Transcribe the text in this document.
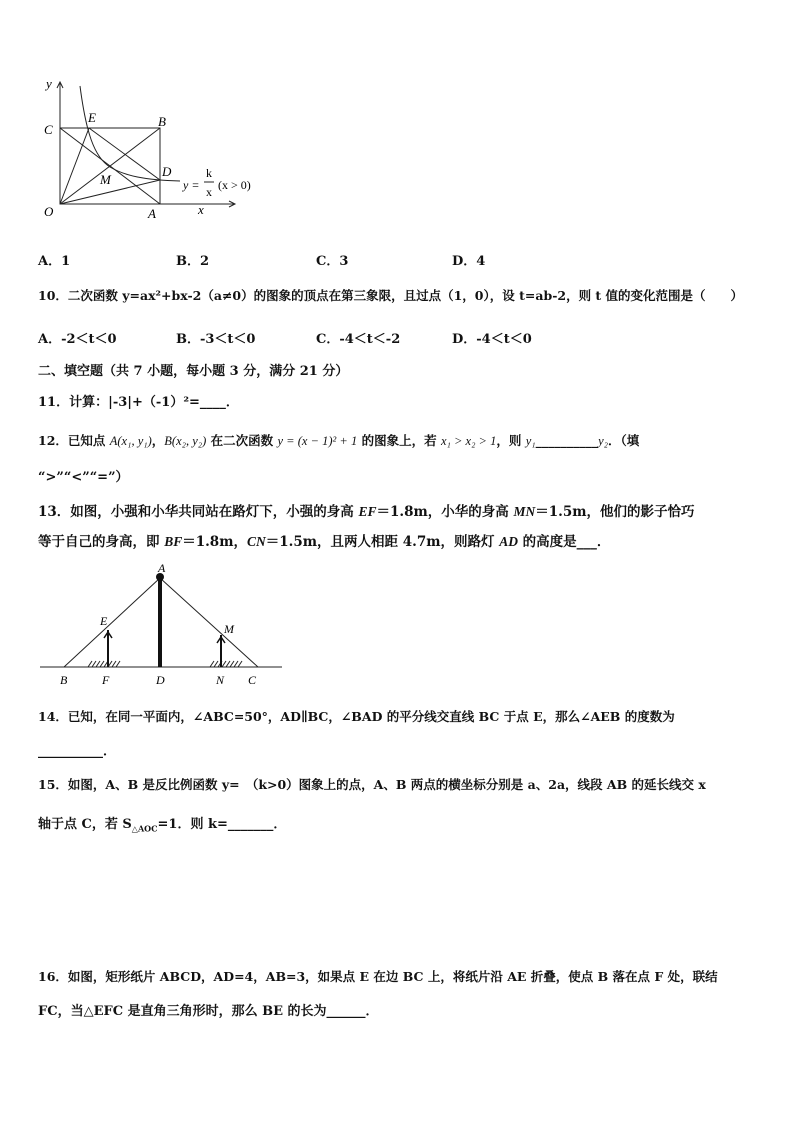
y
x
O	A
B
C
D
E
M	y =
k
x (x > 0)
A．1	B．2	C．3	D．4
10．二次函数 y=ax²+bx-2（a≠0）的图象的顶点在第三象限，且过点（1，0），设 t=ab-2，则 t 值的变化范围是（　　）
A．-2＜t＜0	B．-3＜t＜0	C．-4＜t＜-2	D．-4＜t＜0
二、填空题（共 7 小题，每小题 3 分，满分 21 分）
11．计算：|-3|+（-1）²=____．
12．已知点 A(x₁, y₁)，B(x₂, y₂) 在二次函数 y = (x − 1)² + 1 的图象上，若 x₁ > x₂ > 1，则 y₁__________y₂．（填
“>”“<”“=”）
13．如图，小强和小华共同站在路灯下，小强的身高 EF＝1.8m，小华的身高 MN＝1.5m，他们的影子恰巧
等于自己的身高，即 BF＝1.8m，CN＝1.5m，且两人相距 4.7m，则路灯 AD 的高度是___．
A
E
M
B	F	D	N C
14．已知，在同一平面内，∠ABC=50°，AD∥BC，∠BAD 的平分线交直线 BC 于点 E，那么∠AEB 的度数为
__________．
15．如图，A、B 是反比例函数 y=　（k>0）图象上的点，A、B 两点的横坐标分别是 a、2a，线段 AB 的延长线交 x
轴于点 C，若 $S_{\triangle AOC}=1$．则 k=_______．
16．如图，矩形纸片 ABCD，AD=4，AB=3，如果点 E 在边 BC 上，将纸片沿 AE 折叠，使点 B 落在点 F 处，联结
FC，当△EFC 是直角三角形时，那么 BE 的长为______．
